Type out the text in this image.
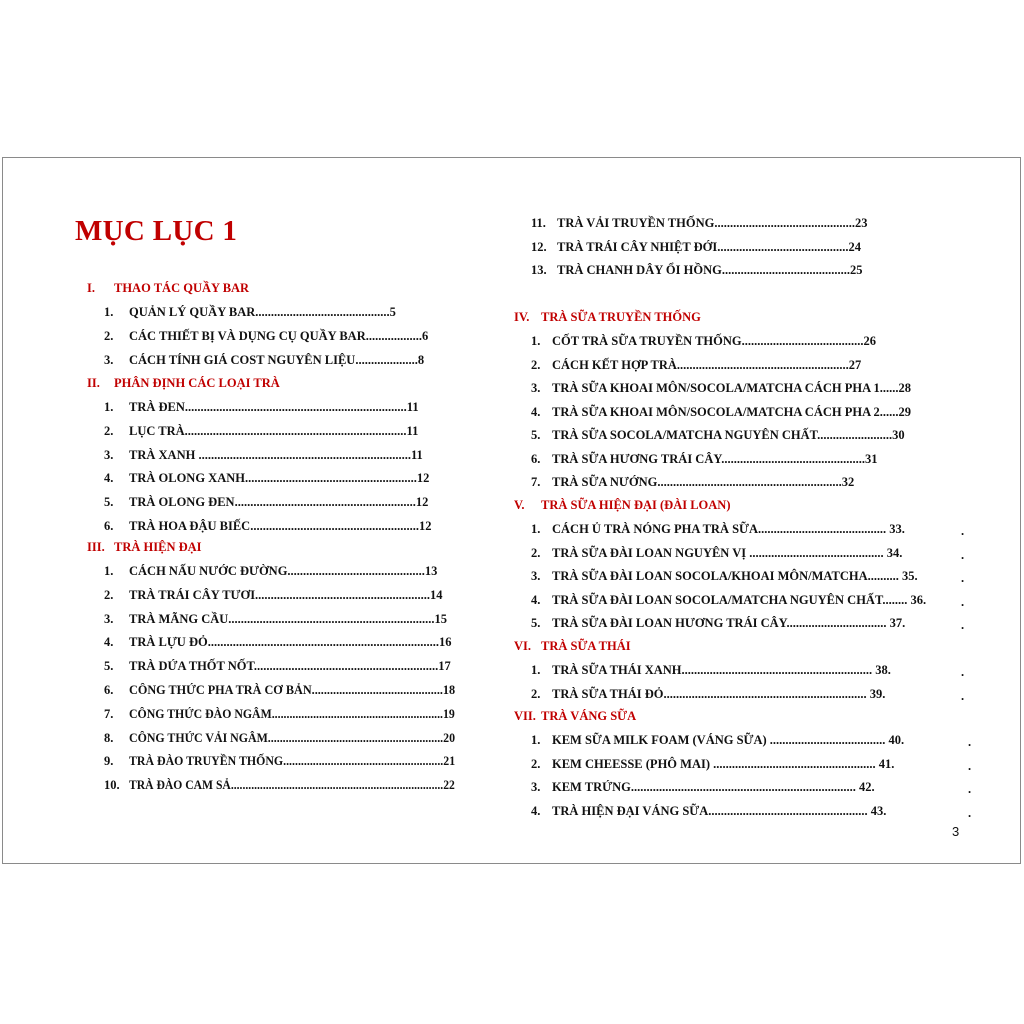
MỤC LỤC 1
I. THAO TÁC QUẦY BAR
1. QUẢN LÝ QUẦY BAR...........................................5
2. CÁC THIẾT BỊ VÀ DỤNG CỤ QUẦY BAR..................6
3. CÁCH TÍNH GIÁ COST NGUYÊN LIỆU....................8
II. PHÂN ĐỊNH CÁC LOẠI TRÀ
1. TRÀ ĐEN.......................................................................11
2. LỤC TRÀ.......................................................................11
3. TRÀ XANH ....................................................................11
4. TRÀ OLONG XANH.......................................................12
5. TRÀ OLONG ĐEN..........................................................12
6. TRÀ HOA ĐẬU BIẾC......................................................12
III. TRÀ HIỆN ĐẠI
1. CÁCH NẤU NƯỚC ĐƯỜNG............................................13
2. TRÀ TRÁI CÂY TƯƠI........................................................14
3. TRÀ MÃNG CẦU..................................................................15
4. TRÀ LỰU ĐỎ..........................................................................16
5. TRÀ DỨA THỐT NỐT...........................................................17
6. CÔNG THỨC PHA TRÀ CƠ BẢN...........................................18
7. CÔNG THỨC ĐÀO NGÂM..........................................................19
8. CÔNG THỨC VẢI NGÂM...........................................................20
9. TRÀ ĐÀO TRUYỀN THỐNG......................................................21
10. TRÀ ĐÀO CAM SẢ.........................................................................22
11. TRÀ VẢI TRUYỀN THỐNG.............................................23
12. TRÀ TRÁI CÂY NHIỆT ĐỚI..........................................24
13. TRÀ CHANH DÂY ỔI HỒNG.........................................25
IV. TRÀ SỮA TRUYỀN THỐNG
1. CỐT TRÀ SỮA TRUYỀN THỐNG.......................................26
2. CÁCH KẾT HỢP TRÀ.......................................................27
3. TRÀ SỮA KHOAI MÔN/SOCOLA/MATCHA CÁCH PHA 1......28
4. TRÀ SỮA KHOAI MÔN/SOCOLA/MATCHA CÁCH PHA 2......29
5. TRÀ SỮA SOCOLA/MATCHA NGUYÊN CHẤT........................30
6. TRÀ SỮA HƯƠNG TRÁI CÂY..............................................31
7. TRÀ SỮA NƯỚNG...........................................................32
V. TRÀ SỮA HIỆN ĐẠI (ĐÀI LOAN)
1. CÁCH Ủ TRÀ NÓNG PHA TRÀ SỮA......................................... 33.	.
2. TRÀ SỮA ĐÀI LOAN NGUYÊN VỊ ........................................... 34.	.
3. TRÀ SỮA ĐÀI LOAN SOCOLA/KHOAI MÔN/MATCHA.......... 35.	.
4. TRÀ SỮA ĐÀI LOAN SOCOLA/MATCHA NGUYÊN CHẤT........ 36.	.
5. TRÀ SỮA ĐÀI LOAN HƯƠNG TRÁI CÂY................................ 37.	.
VI. TRÀ SỮA THÁI
1. TRÀ SỮA THÁI XANH............................................................. 38.	.
2. TRÀ SỮA THÁI ĐỎ................................................................. 39.	.
VII. TRÀ VÁNG SỮA
1. KEM SỮA MILK FOAM (VÁNG SỮA) ..................................... 40.	.
2. KEM CHEESSE (PHÔ MAI) .................................................... 41.	.
3. KEM TRỨNG........................................................................ 42.	.
4. TRÀ HIỆN ĐẠI VÁNG SỮA................................................... 43.	.
3
